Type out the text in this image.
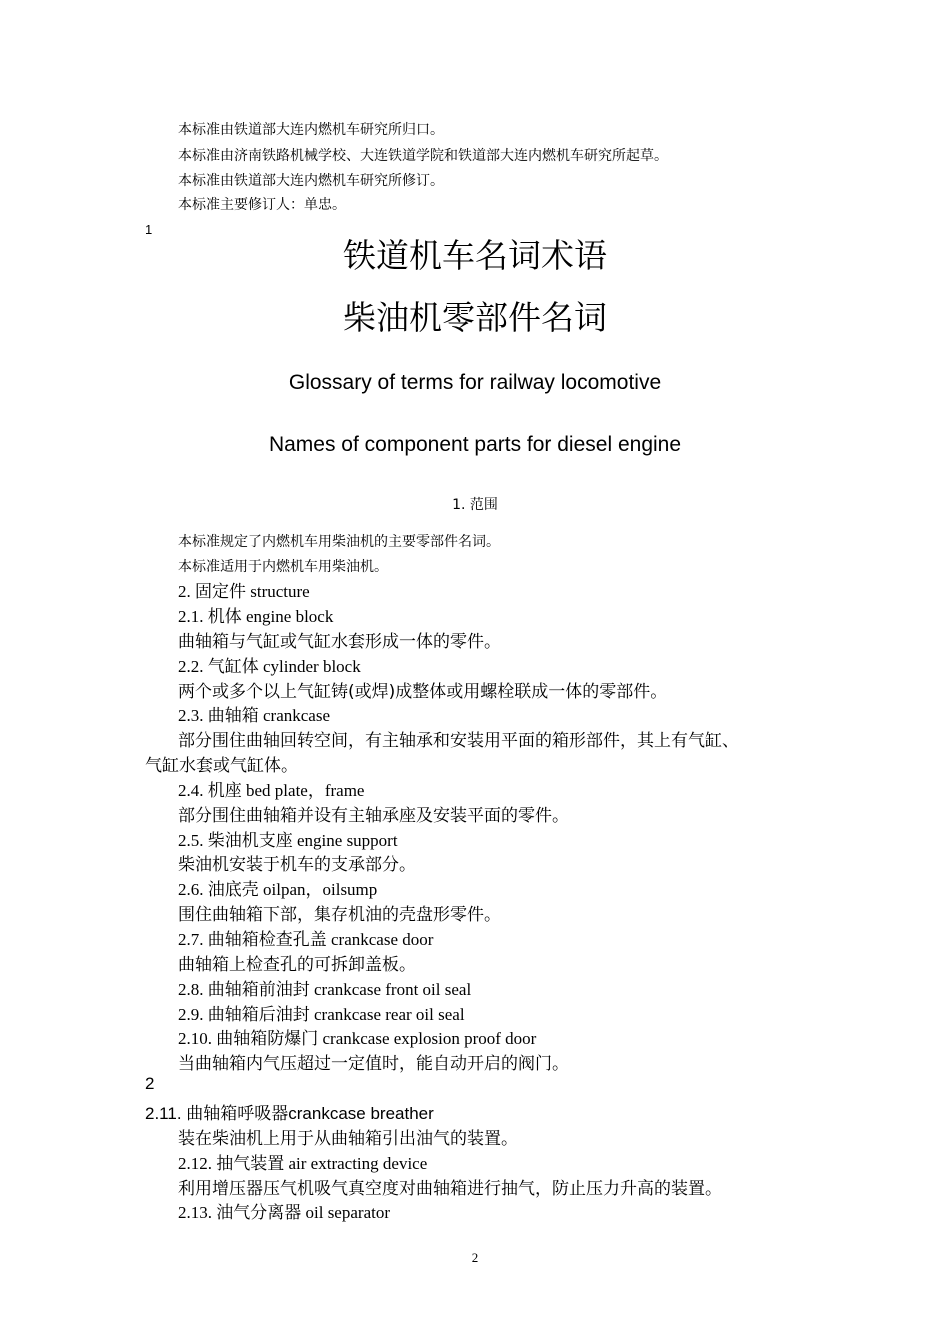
本标准由铁道部大连内燃机车研究所归口。
本标准由济南铁路机械学校、大连铁道学院和铁道部大连内燃机车研究所起草。
本标准由铁道部大连内燃机车研究所修订。
本标准主要修订人：单忠。
1
铁道机车名词术语
柴油机零部件名词
Glossary of terms for railway locomotive
Names of component parts for diesel engine
1. 范围
本标准规定了内燃机车用柴油机的主要零部件名词。
本标准适用于内燃机车用柴油机。
2. 固定件 structure
2.1. 机体 engine block
曲轴箱与气缸或气缸水套形成一体的零件。
2.2. 气缸体 cylinder block
两个或多个以上气缸铸(或焊)成整体或用螺栓联成一体的零部件。
2.3. 曲轴箱 crankcase
部分围住曲轴回转空间，有主轴承和安装用平面的箱形部件，其上有气缸、
气缸水套或气缸体。
2.4. 机座 bed plate，frame
部分围住曲轴箱并设有主轴承座及安装平面的零件。
2.5. 柴油机支座 engine support
柴油机安装于机车的支承部分。
2.6. 油底壳 oilpan，oilsump
围住曲轴箱下部，集存机油的壳盘形零件。
2.7. 曲轴箱检查孔盖 crankcase door
曲轴箱上检查孔的可拆卸盖板。
2.8. 曲轴箱前油封 crankcase front oil seal
2.9. 曲轴箱后油封 crankcase rear oil seal
2.10. 曲轴箱防爆门 crankcase explosion proof door
当曲轴箱内气压超过一定值时，能自动开启的阀门。
2
2.11. 曲轴箱呼吸器crankcase breather
装在柴油机上用于从曲轴箱引出油气的装置。
2.12. 抽气装置 air extracting device
利用增压器压气机吸气真空度对曲轴箱进行抽气，防止压力升高的装置。
2.13. 油气分离器 oil separator
2
